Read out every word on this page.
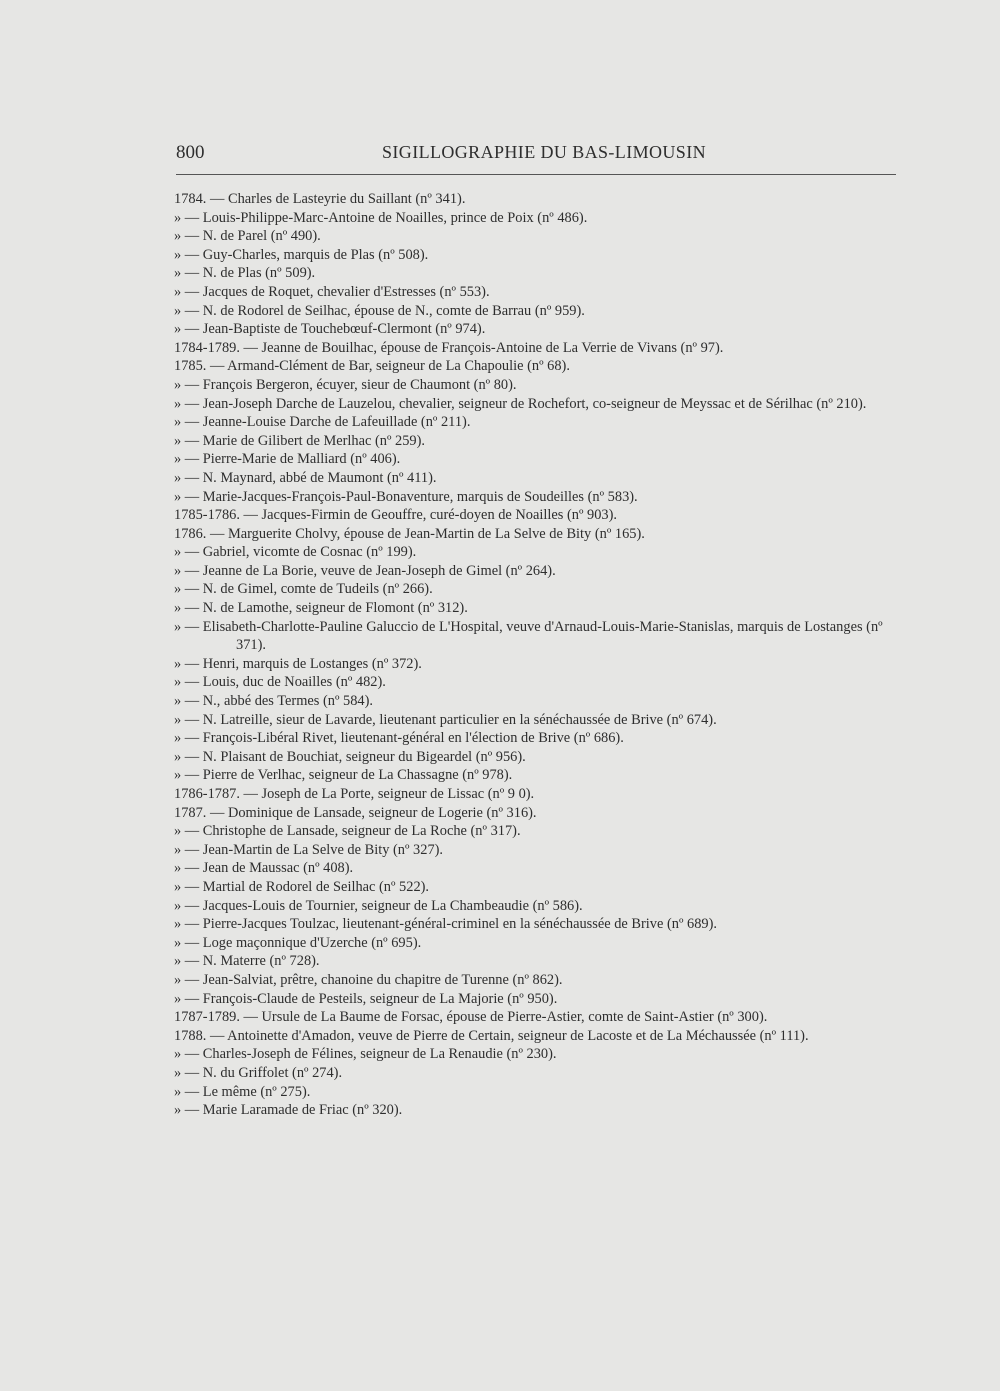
800	SIGILLOGRAPHIE DU BAS-LIMOUSIN
1784. — Charles de Lasteyrie du Saillant (nº 341).
» — Louis-Philippe-Marc-Antoine de Noailles, prince de Poix (nº 486).
» — N. de Parel (nº 490).
» — Guy-Charles, marquis de Plas (nº 508).
» — N. de Plas (nº 509).
» — Jacques de Roquet, chevalier d'Estresses (nº 553).
» — N. de Rodorel de Seilhac, épouse de N., comte de Barrau (nº 959).
» — Jean-Baptiste de Touchebœuf-Clermont (nº 974).
1784-1789. — Jeanne de Bouilhac, épouse de François-Antoine de La Verrie de Vivans (nº 97).
1785. — Armand-Clément de Bar, seigneur de La Chapoulie (nº 68).
» — François Bergeron, écuyer, sieur de Chaumont (nº 80).
» — Jean-Joseph Darche de Lauzelou, chevalier, seigneur de Rochefort, co-seigneur de Meyssac et de Sérilhac (nº 210).
» — Jeanne-Louise Darche de Lafeuillade (nº 211).
» — Marie de Gilibert de Merlhac (nº 259).
» — Pierre-Marie de Malliard (nº 406).
» — N. Maynard, abbé de Maumont (nº 411).
» — Marie-Jacques-François-Paul-Bonaventure, marquis de Soudeilles (nº 583).
1785-1786. — Jacques-Firmin de Geouffre, curé-doyen de Noailles (nº 903).
1786. — Marguerite Cholvy, épouse de Jean-Martin de La Selve de Bity (nº 165).
» — Gabriel, vicomte de Cosnac (nº 199).
» — Jeanne de La Borie, veuve de Jean-Joseph de Gimel (nº 264).
» — N. de Gimel, comte de Tudeils (nº 266).
» — N. de Lamothe, seigneur de Flomont (nº 312).
» — Elisabeth-Charlotte-Pauline Galuccio de L'Hospital, veuve d'Arnaud-Louis-Marie-Stanislas, marquis de Lostanges (nº 371).
» — Henri, marquis de Lostanges (nº 372).
» — Louis, duc de Noailles (nº 482).
» — N., abbé des Termes (nº 584).
» — N. Latreille, sieur de Lavarde, lieutenant particulier en la sénéchaussée de Brive (nº 674).
» — François-Libéral Rivet, lieutenant-général en l'élection de Brive (nº 686).
» — N. Plaisant de Bouchiat, seigneur du Bigeardel (nº 956).
» — Pierre de Verlhac, seigneur de La Chassagne (nº 978).
1786-1787. — Joseph de La Porte, seigneur de Lissac (nº 9 0).
1787. — Dominique de Lansade, seigneur de Logerie (nº 316).
» — Christophe de Lansade, seigneur de La Roche (nº 317).
» — Jean-Martin de La Selve de Bity (nº 327).
» — Jean de Maussac (nº 408).
» — Martial de Rodorel de Seilhac (nº 522).
» — Jacques-Louis de Tournier, seigneur de La Chambeaudie (nº 586).
» — Pierre-Jacques Toulzac, lieutenant-général-criminel en la sénéchaussée de Brive (nº 689).
» — Loge maçonnique d'Uzerche (nº 695).
» — N. Materre (nº 728).
» — Jean-Salviat, prêtre, chanoine du chapitre de Turenne (nº 862).
» — François-Claude de Pesteils, seigneur de La Majorie (nº 950).
1787-1789. — Ursule de La Baume de Forsac, épouse de Pierre-Astier, comte de Saint-Astier (nº 300).
1788. — Antoinette d'Amadon, veuve de Pierre de Certain, seigneur de Lacoste et de La Méchaussée (nº 111).
» — Charles-Joseph de Félines, seigneur de La Renaudie (nº 230).
» — N. du Griffolet (nº 274).
» — Le même (nº 275).
» — Marie Laramade de Friac (nº 320).
